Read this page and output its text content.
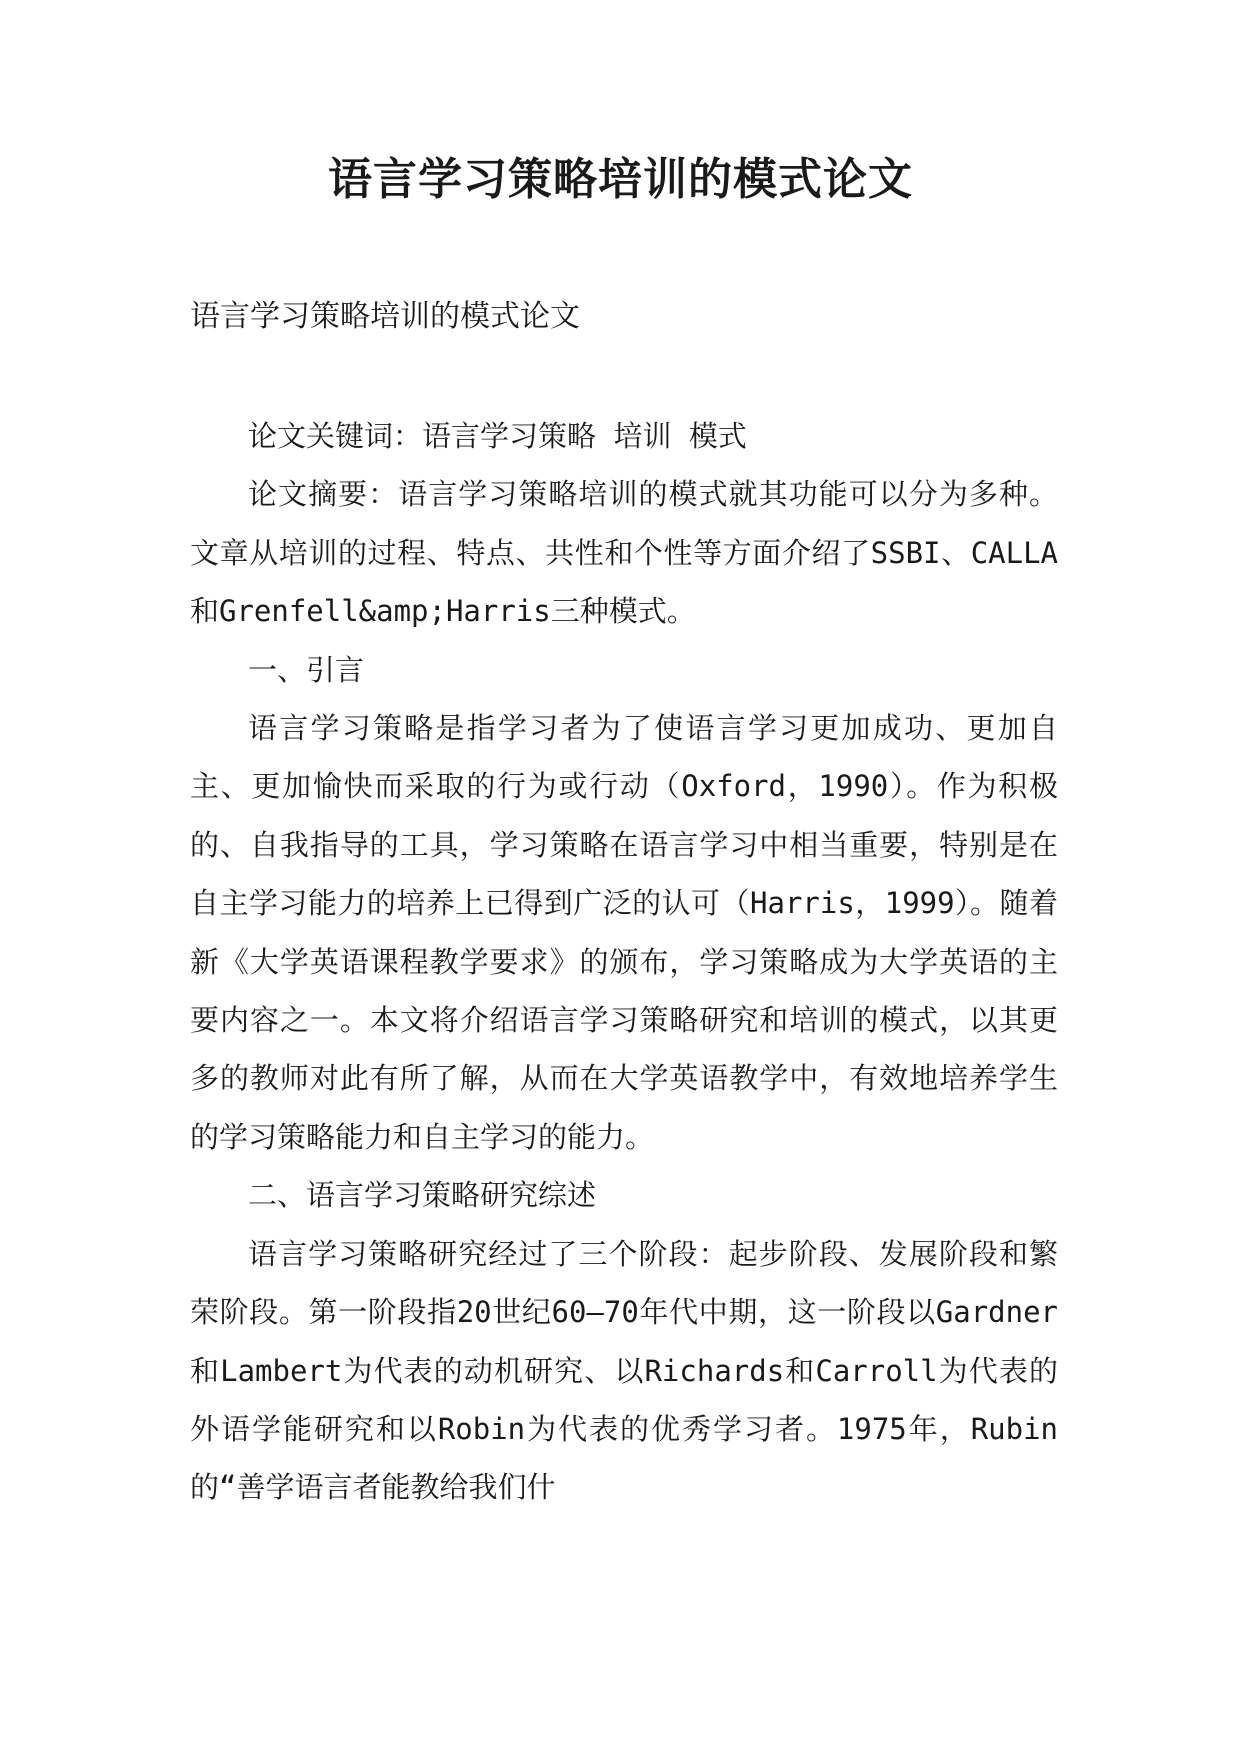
语言学习策略培训的模式论文

语言学习策略培训的模式论文

论文关键词：语言学习策略 培训 模式

论文摘要：语言学习策略培训的模式就其功能可以分为多种。文章从培训的过程、特点、共性和个性等方面介绍了SSBI、CALLA和Grenfell&amp;Harris三种模式。

一、引言

语言学习策略是指学习者为了使语言学习更加成功、更加自主、更加愉快而采取的行为或行动（Oxford，1990）。作为积极的、自我指导的工具，学习策略在语言学习中相当重要，特别是在自主学习能力的培养上已得到广泛的认可（Harris，1999）。随着新《大学英语课程教学要求》的颁布，学习策略成为大学英语的主要内容之一。本文将介绍语言学习策略研究和培训的模式，以其更多的教师对此有所了解，从而在大学英语教学中，有效地培养学生的学习策略能力和自主学习的能力。

二、语言学习策略研究综述

语言学习策略研究经过了三个阶段：起步阶段、发展阶段和繁荣阶段。第一阶段指20世纪60—70年代中期，这一阶段以Gardner和Lambert为代表的动机研究、以Richards和Carroll为代表的外语学能研究和以Robin为代表的优秀学习者。1975年，Rubin的“善学语言者能教给我们什
